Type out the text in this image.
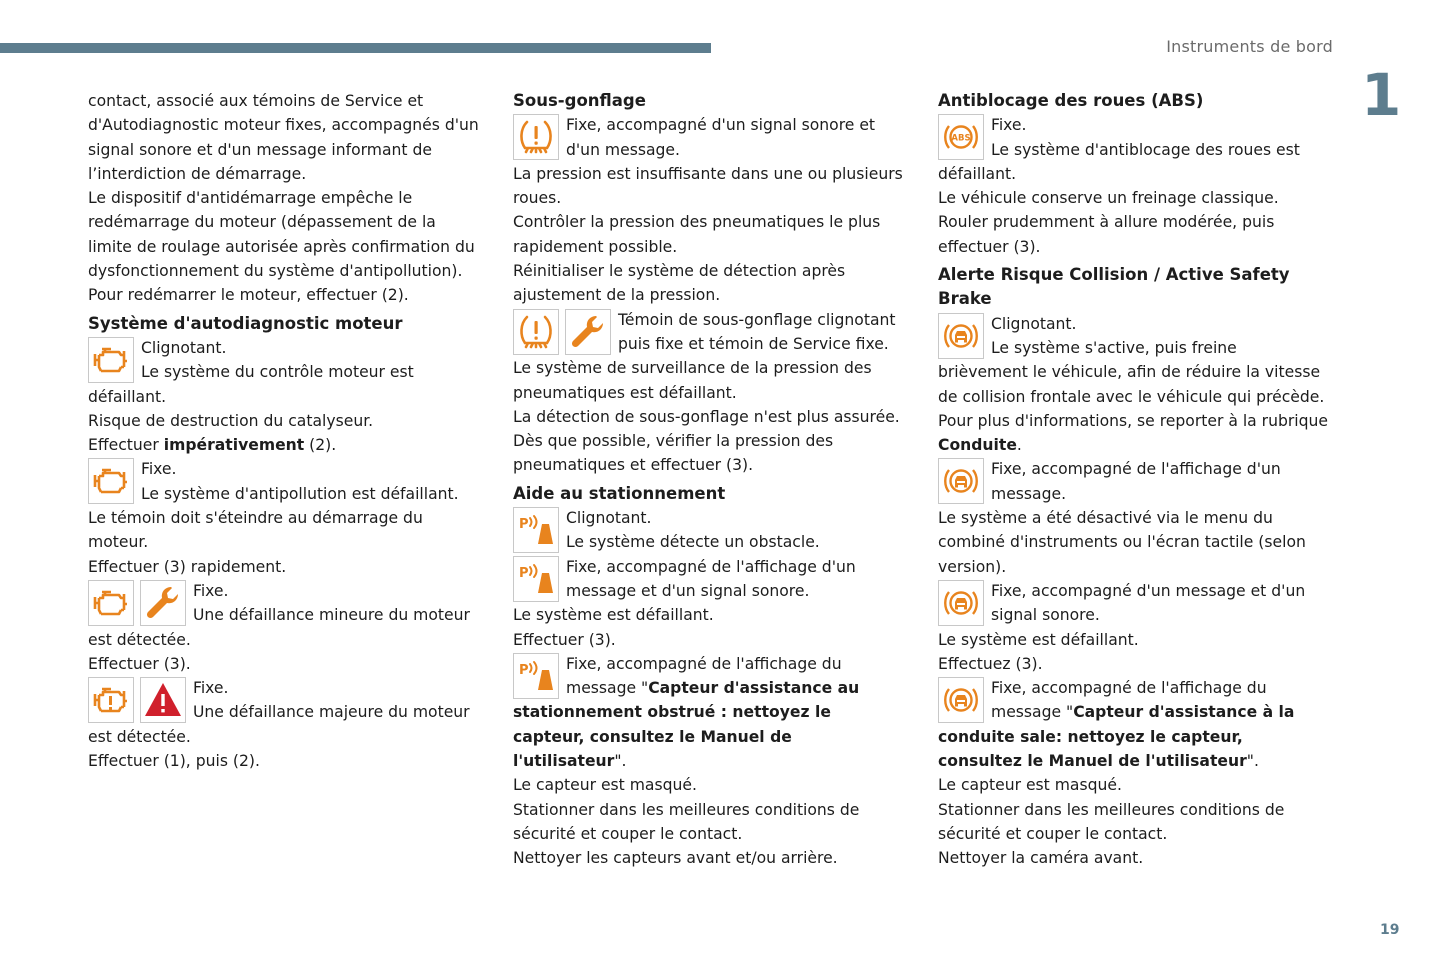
Instruments de bord
1
19

contact, associé aux témoins de Service et d'Autodiagnostic moteur fixes, accompagnés d'un signal sonore et d'un message informant de l’interdiction de démarrage.

Le dispositif d'antidémarrage empêche le redémarrage du moteur (dépassement de la limite de roulage autorisée après confirmation du dysfonctionnement du système d'antipollution).

Pour redémarrer le moteur, effectuer (2).

Système d'autodiagnostic moteur

Clignotant.

Le système du contrôle moteur est défaillant.

Risque de destruction du catalyseur.

Effectuer impérativement (2).

Fixe.

Le système d'antipollution est défaillant.

Le témoin doit s'éteindre au démarrage du moteur.

Effectuer (3) rapidement.

Fixe.

Une défaillance mineure du moteur est détectée.

Effectuer (3).

Fixe.

Une défaillance majeure du moteur est détectée.

Effectuer (1), puis (2).

Sous-gonflage

Fixe, accompagné d'un signal sonore et d'un message.

La pression est insuffisante dans une ou plusieurs roues.

Contrôler la pression des pneumatiques le plus rapidement possible.

Réinitialiser le système de détection après ajustement de la pression.

Témoin de sous-gonflage clignotant puis fixe et témoin de Service fixe.

Le système de surveillance de la pression des pneumatiques est défaillant.

La détection de sous-gonflage n'est plus assurée.

Dès que possible, vérifier la pression des pneumatiques et effectuer (3).

Aide au stationnement
P	Clignotant.

Le système détecte un obstacle.

P	Fixe, accompagné de l'affichage d'un message et d'un signal sonore.

Le système est défaillant.

Effectuer (3).

P	Fixe, accompagné de l'affichage du message "Capteur d'assistance au stationnement obstrué : nettoyez le capteur, consultez le Manuel de l'utilisateur".

Le capteur est masqué.

Stationner dans les meilleures conditions de sécurité et couper le contact.

Nettoyer les capteurs avant et/ou arrière.

Antiblocage des roues (ABS)
ABS

Fixe.

Le système d'antiblocage des roues est défaillant.

Le véhicule conserve un freinage classique.

Rouler prudemment à allure modérée, puis effectuer (3).

Alerte Risque Collision / Active Safety Brake

Clignotant.

Le système s'active, puis freine brièvement le véhicule, afin de réduire la vitesse de collision frontale avec le véhicule qui précède.

Pour plus d'informations, se reporter à la rubrique Conduite.

Fixe, accompagné de l'affichage d'un message.

Le système a été désactivé via le menu du combiné d'instruments ou l'écran tactile (selon version).

Fixe, accompagné d'un message et d'un signal sonore.

Le système est défaillant.

Effectuez (3).

Fixe, accompagné de l'affichage du message "Capteur d'assistance à la conduite sale: nettoyez le capteur, consultez le Manuel de l'utilisateur".

Le capteur est masqué.

Stationner dans les meilleures conditions de sécurité et couper le contact.

Nettoyer la caméra avant.
